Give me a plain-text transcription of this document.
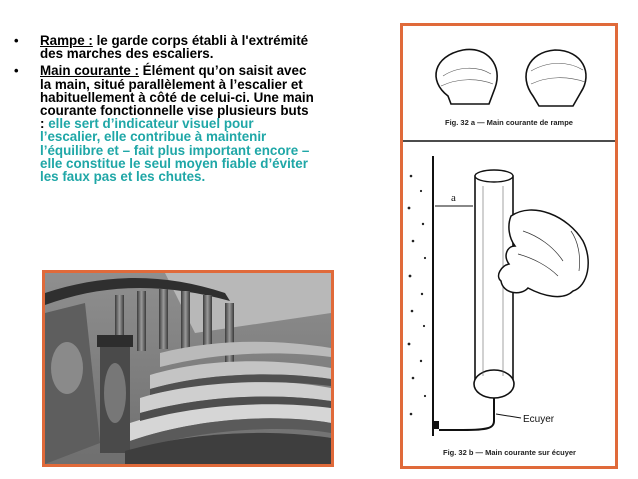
•	Rampe : le garde corps établi à l'extrémité des marches des escaliers.
•	Main courante : Élément qu’on saisit avec la main, situé parallèlement à l’escalier et habituellement à côté de celui-ci. Une main courante fonctionnelle vise plusieurs buts : elle sert d’indicateur visuel pour l’escalier, elle contribue à maintenir l’équilibre et – fait plus important encore – elle constitue le seul moyen fiable d’éviter les faux pas et les chutes.
a
Ecuyer
Fig. 32 a — Main courante de rampe
Fig. 32 b — Main courante sur écuyer
